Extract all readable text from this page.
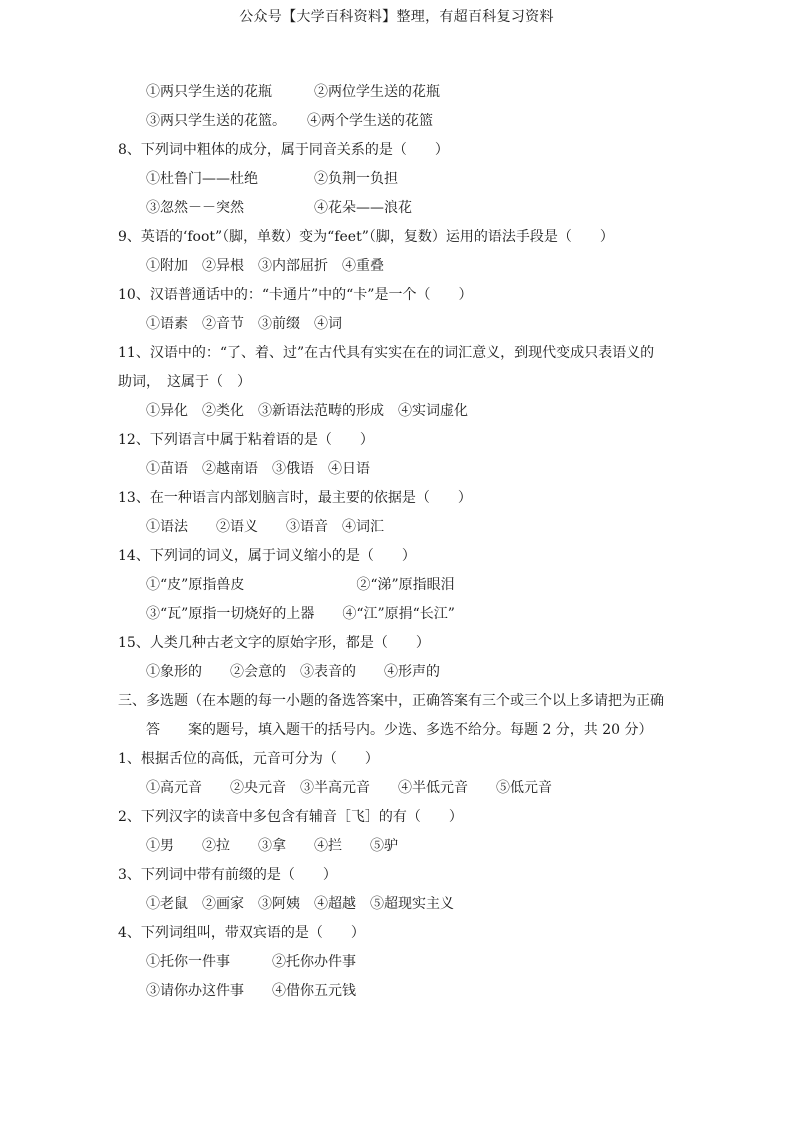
公众号【大学百科资料】整理，有超百科复习资料
①两只学生送的花瓶　　　②两位学生送的花瓶
③两只学生送的花篮。　　④两个学生送的花篮
8、下列词中粗体的成分，属于同音关系的是（　　）
①杜鲁门——杜绝　　　　②负荆一负担
③忽然－－突然　　　　　④花朵——浪花
9、英语的‘foot”（脚，单数）变为“feet”（脚，复数）运用的语法手段是（　　）
①附加　②异根　③内部屈折　④重叠
10、汉语普通话中的：“卡通片”中的“卡”是一个（　　）
①语素　②音节　③前缀　④词
11、汉语中的：“了、着、过”在古代具有实实在在的词汇意义，到现代变成只表语义的
助词，　这属于（　）
①异化　②类化　③新语法范畴的形成　④实词虚化
12、下列语言中属于粘着语的是（　　）
①苗语　②越南语　③俄语　④日语
13、在一种语言内部划脑言时，最主要的依据是（　　）
①语法　　②语义　　③语音　④词汇
14、下列词的词义，属于词义缩小的是（　　）
①“皮”原指兽皮　　　　　　　　②“涕”原指眼泪
③“瓦”原指一切烧好的上器　　④“江”原捐“长江”
15、人类几种古老文字的原始字形，都是（　　）
①象形的　　②会意的　③表音的　　④形声的
三、多选题（在本题的每一小题的备选答案中，正确答案有三个或三个以上多请把为正确
答　　案的题号，填入题干的括号内。少选、多选不给分。每题 2 分，共 20 分）
1、根据舌位的高低，元音可分为（　　）
①高元音　　②央元音　③半高元音　　④半低元音　　⑤低元音
2、下列汉字的读音中多包含有辅音［飞］的有（　　）
①男　　②拉　　③拿　　④拦　　⑤驴
3、下列词中带有前缀的是（　　）
①老鼠　②画家　③阿姨　④超越　⑤超现实主义
4、下列词组叫，带双宾语的是（　　）
①托你一件事　　　②托你办件事
③请你办这件事　　④借你五元钱
